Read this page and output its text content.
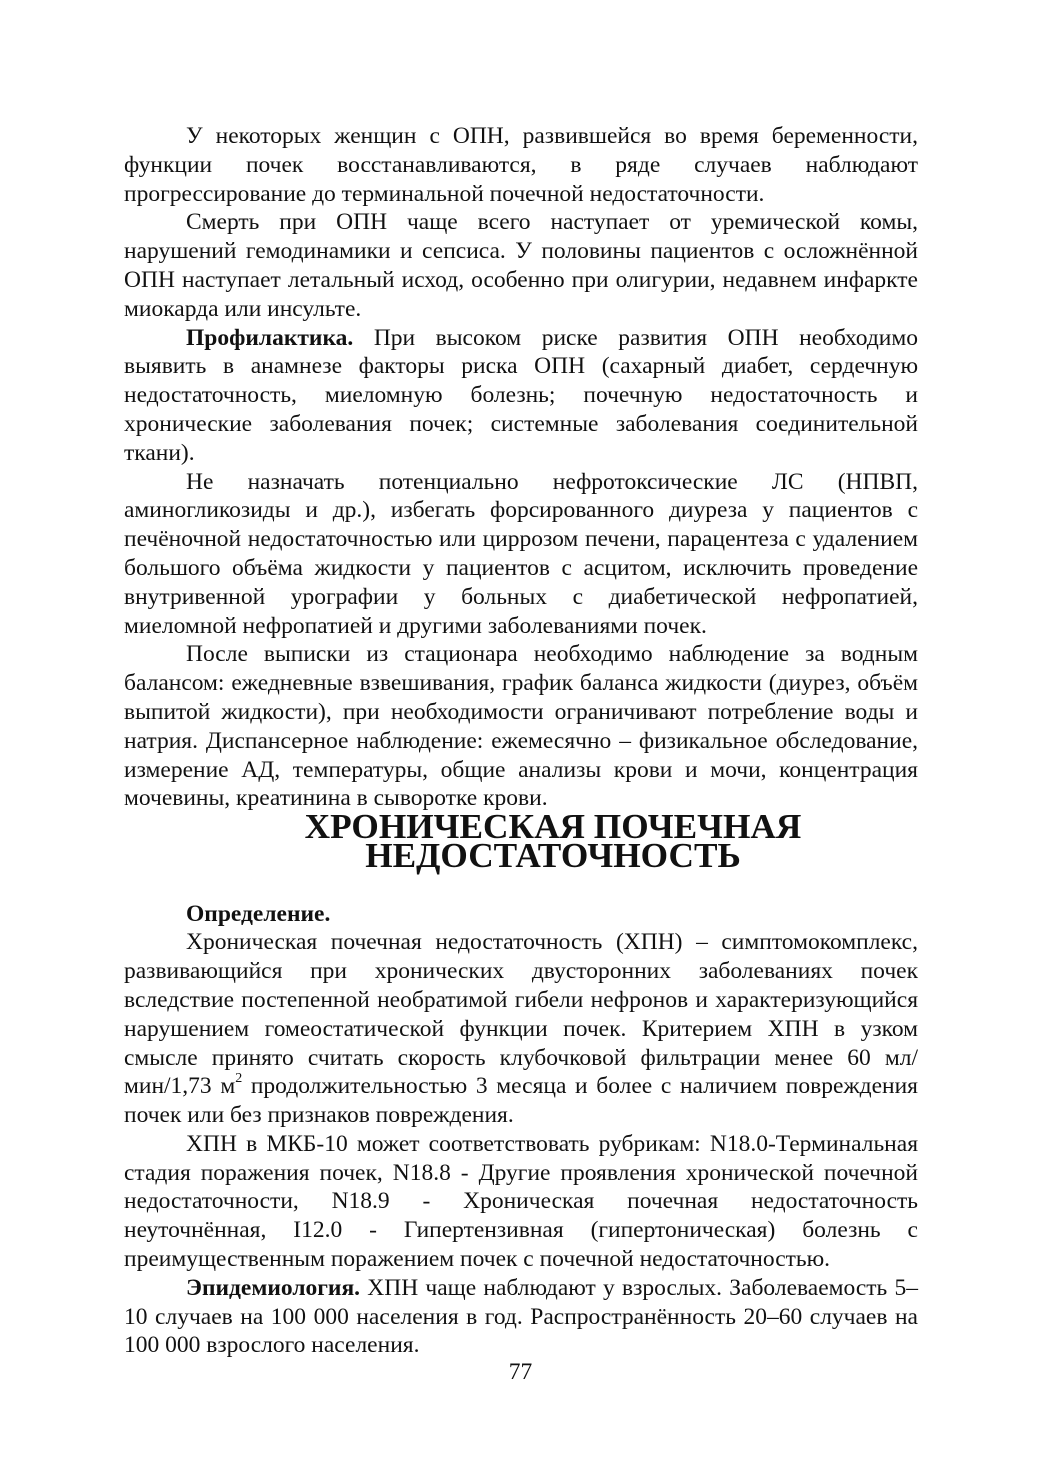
У некоторых женщин с ОПН, развившейся во время беременности, функции почек восстанавливаются, в ряде случаев наблюдают прогрессирование до терминальной почечной недостаточности.

Смерть при ОПН чаще всего наступает от уремической комы, нарушений гемодинамики и сепсиса. У половины пациентов с осложнённой ОПН наступает летальный исход, особенно при олигурии, недавнем инфаркте миокарда или инсульте.

Профилактика. При высоком риске развития ОПН необходимо выявить в анамнезе факторы риска ОПН (сахарный диабет, сердечную недостаточность, миеломную болезнь; почечную недостаточность и хронические заболевания почек; системные заболевания соединительной ткани).

Не назначать потенциально нефротоксические ЛС (НПВП, аминогликозиды и др.), избегать форсированного диуреза у пациентов с печёночной недостаточностью или циррозом печени, парацентеза с удалением большого объёма жидкости у пациентов с асцитом, исключить проведение внутривенной урографии у больных с диабетической нефропатией, миеломной нефропатией и другими заболеваниями почек.

После выписки из стационара необходимо наблюдение за водным балансом: ежедневные взвешивания, график баланса жидкости (диурез, объём выпитой жидкости), при необходимости ограничивают потребление воды и натрия. Диспансерное наблюдение: ежемесячно – физикальное обследование, измерение АД, температуры, общие анализы крови и мочи, концентрация мочевины, креатинина в сыворотке крови.

ХРОНИЧЕСКАЯ ПОЧЕЧНАЯ НЕДОСТАТОЧНОСТЬ

Определение.

Хроническая почечная недостаточность (ХПН) – симптомокомплекс, развивающийся при хронических двусторонних заболеваниях почек вследствие постепенной необратимой гибели нефронов и характеризующийся нарушением гомеостатической функции почек. Критерием ХПН в узком смысле принято считать скорость клубочковой фильтрации менее 60 мл/мин/1,73 $м^2$ продолжительностью 3 месяца и более с наличием повреждения почек или без признаков повреждения.

ХПН в МКБ-10 может соответствовать рубрикам: N18.0-Терминальная стадия поражения почек, N18.8 - Другие проявления хронической почечной недостаточности, N18.9 - Хроническая почечная недостаточность неуточнённая, I12.0 - Гипертензивная (гипертоническая) болезнь с преимущественным поражением почек с почечной недостаточностью.

Эпидемиология. ХПН чаще наблюдают у взрослых. Заболеваемость 5–10 случаев на 100 000 населения в год. Распространённость 20–60 случаев на 100 000 взрослого населения.

77
